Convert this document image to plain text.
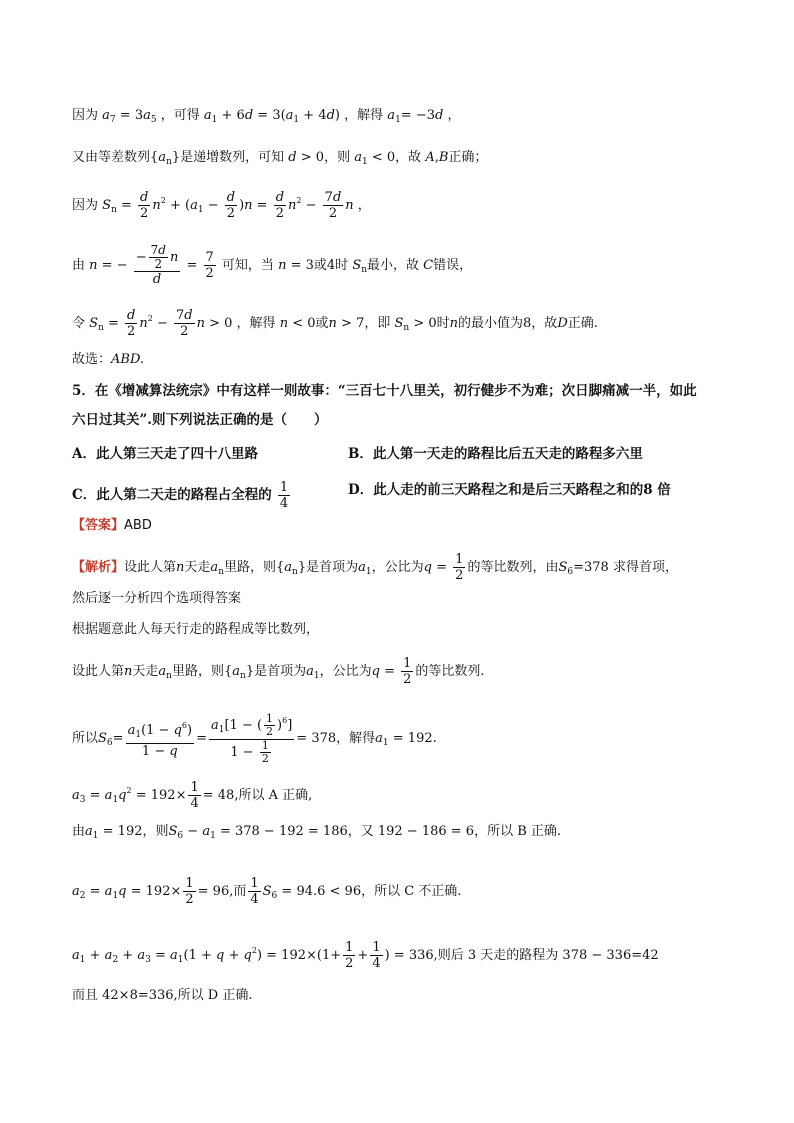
因为 $a_7 = 3a_5$ ，可得 $a_1 + 6d = 3(a_1 + 4d)$ ，解得 $a_1= -3d$ ，
又由等差数列$\{a_n\}$是递增数列，可知 d > 0，则 $a_1 < 0$，故 A,B正确；
因为 $S_n = \frac{d}{2} n^2 + (a_1 - \frac{d}{2} )n = \frac{d}{2} n^2 - \frac{7d}{2}$ n ，
由 n = − $\frac{- \frac{7d}{2} n}{d} = \frac{7}{2}$ 可知，当 n = 3或4时 $S_n$最小，故 C错误，
令 $S_n = \frac{d}{2} n^2 - \frac{7d}{2}$ n > 0 ，解得 n < 0或n > 7，即 $S_n > 0$时n的最小值为8，故D正确.
故选：ABD.
5．在《增减算法统宗》中有这样一则故事：“三百七十八里关，初行健步不为难；次日脚痛减一半，如此
六日过其关”.则下列说法正确的是（　　）
A．此人第三天走了四十八里路	B．此人第一天走的路程比后五天走的路程多六里
C．此人第二天走的路程占全程的 $\frac{1}{4}$	D．此人走的前三天路程之和是后三天路程之和的8 倍
【答案】ABD
【解析】设此人第n天走$a_n$里路，则$\{a_n\}$是首项为$a_1$，公比为$q = \frac{1}{2}$ 的等比数列，由$S_6=378$ 求得首项，
然后逐一分析四个选项得答案
根据题意此人每天行走的路程成等比数列，
设此人第n天走$a_n$里路，则$\{a_n\}$是首项为$a_1$，公比为$q = \frac{1}{2}$ 的等比数列.
所以$S_6= \frac{a_1(1 - q^6)}{1 - q} = \frac{a_1[1 - ( \frac{1}{2} )^6]}{1 - \frac{1}{2}} = 378$，解得$a_1 = 192$.
$a_3 = a_1q^2 = 192\times \frac{1}{4} = 48$,所以 A 正确,
由$a_1 = 192$，则$S_6 - a_1 = 378 - 192 = 186$，又 192 − 186 = 6，所以 B 正确.
$a_2 = a_1q = 192\times \frac{1}{2} = 96$,而 $\frac{1}{4} S_6 = 94.6 < 96$，所以 C 不正确.
$a_1 + a_2 + a_3 = a_1(1 + q + q^2) = 192\times(1+ \frac{1}{2} + \frac{1}{4}$ ) = 336,则后 3 天走的路程为 378 − 336=42
而且 42×8=336,所以 D 正确.
